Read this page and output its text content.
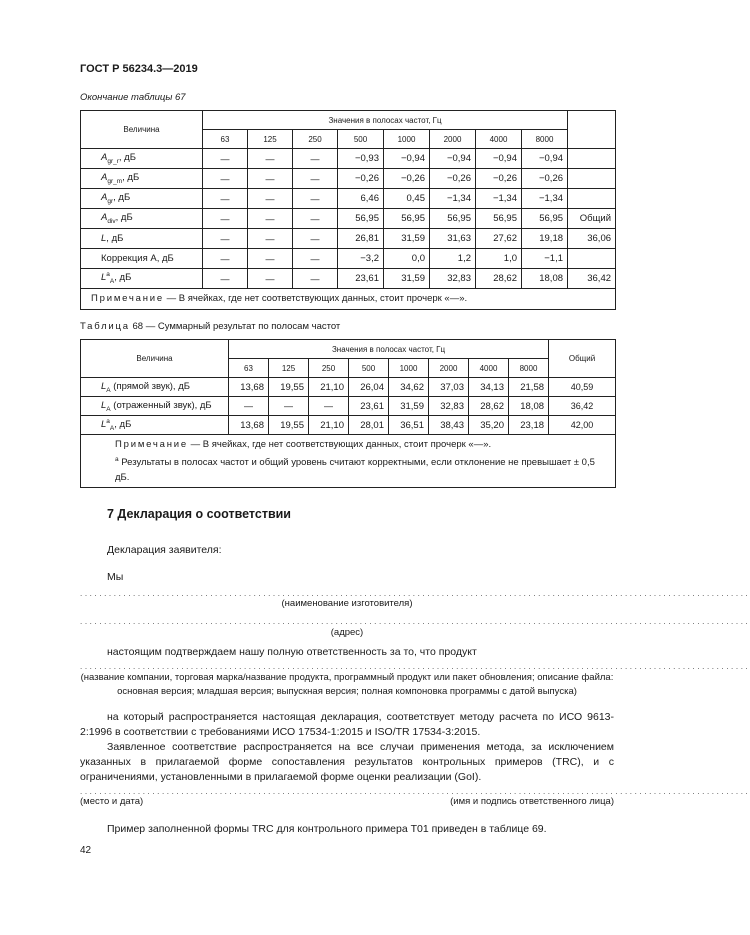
ГОСТ Р 56234.3—2019
Окончание таблицы 67
Величина	Значения в полосах частот, Гц								
	63	125	250	500	1000	2000	4000	8000	
$A_{gr\_r}$, дБ	—	—	—	−0,93	−0,94	−0,94	−0,94	−0,94	
$A_{gr\_m}$, дБ	—	—	—	−0,26	−0,26	−0,26	−0,26	−0,26	
$A_{gr}$, дБ	—	—	—	6,46	0,45	−1,34	−1,34	−1,34	
$A_{div}$, дБ	—	—	—	56,95	56,95	56,95	56,95	56,95	Общий
L, дБ	—	—	—	26,81	31,59	31,63	27,62	19,18	36,06
Коррекция А, дБ	—	—	—	−3,2	0,0	1,2	1,0	−1,1	
$L^a_A$, дБ	—	—	—	23,61	31,59	32,83	28,62	18,08	36,42
Примечание — В ячейках, где нет соответствующих данных, стоит прочерк «—».									
Таблица 68 — Суммарный результат по полосам частот
Величина	Значения в полосах частот, Гц								Общий
	63	125	250	500	1000	2000	4000	8000	
$L_A$ (прямой звук), дБ	13,68	19,55	21,10	26,04	34,62	37,03	34,13	21,58	40,59
$L_A$ (отраженный звук), дБ	—	—	—	23,61	31,59	32,83	28,62	18,08	36,42
$L^a_A$, дБ	13,68	19,55	21,10	28,01	36,51	38,43	35,20	23,18	42,00

Примечание — В ячейках, где нет соответствующих данных, стоит прочерк «—».
$^a$ Результаты в полосах частот и общий уровень считают корректными, если отклонение не превышает ± 0,5 дБ.									
7 Декларация о соответствии
Декларация заявителя:
Мы
...........................................................................................................................................
(наименование изготовителя)
...........................................................................................................................................
(адрес)
настоящим подтверждаем нашу полную ответственность за то, что продукт
...........................................................................................................................................
(название компании, торговая марка/название продукта, программный продукт или пакет обновления; описание файла: основная версия; младшая версия; выпускная версия; полная компоновка программы с датой выпуска)
на который распространяется настоящая декларация, соответствует методу расчета по ИСО 9613-2:1996 в соответствии с требованиями ИСО 17534-1:2015 и ISO/TR 17534-3:2015.
Заявленное соответствие распространяется на все случаи применения метода, за исключением указанных в прилагаемой форме сопоставления результатов контрольных примеров (TRC), и с ограничениями, установленными в прилагаемой форме оценки реализации (GoI).
...........................................................................................................................................
(место и дата)	(имя и подпись ответственного лица)
Пример заполненной формы TRC для контрольного примера Т01 приведен в таблице 69.
42
